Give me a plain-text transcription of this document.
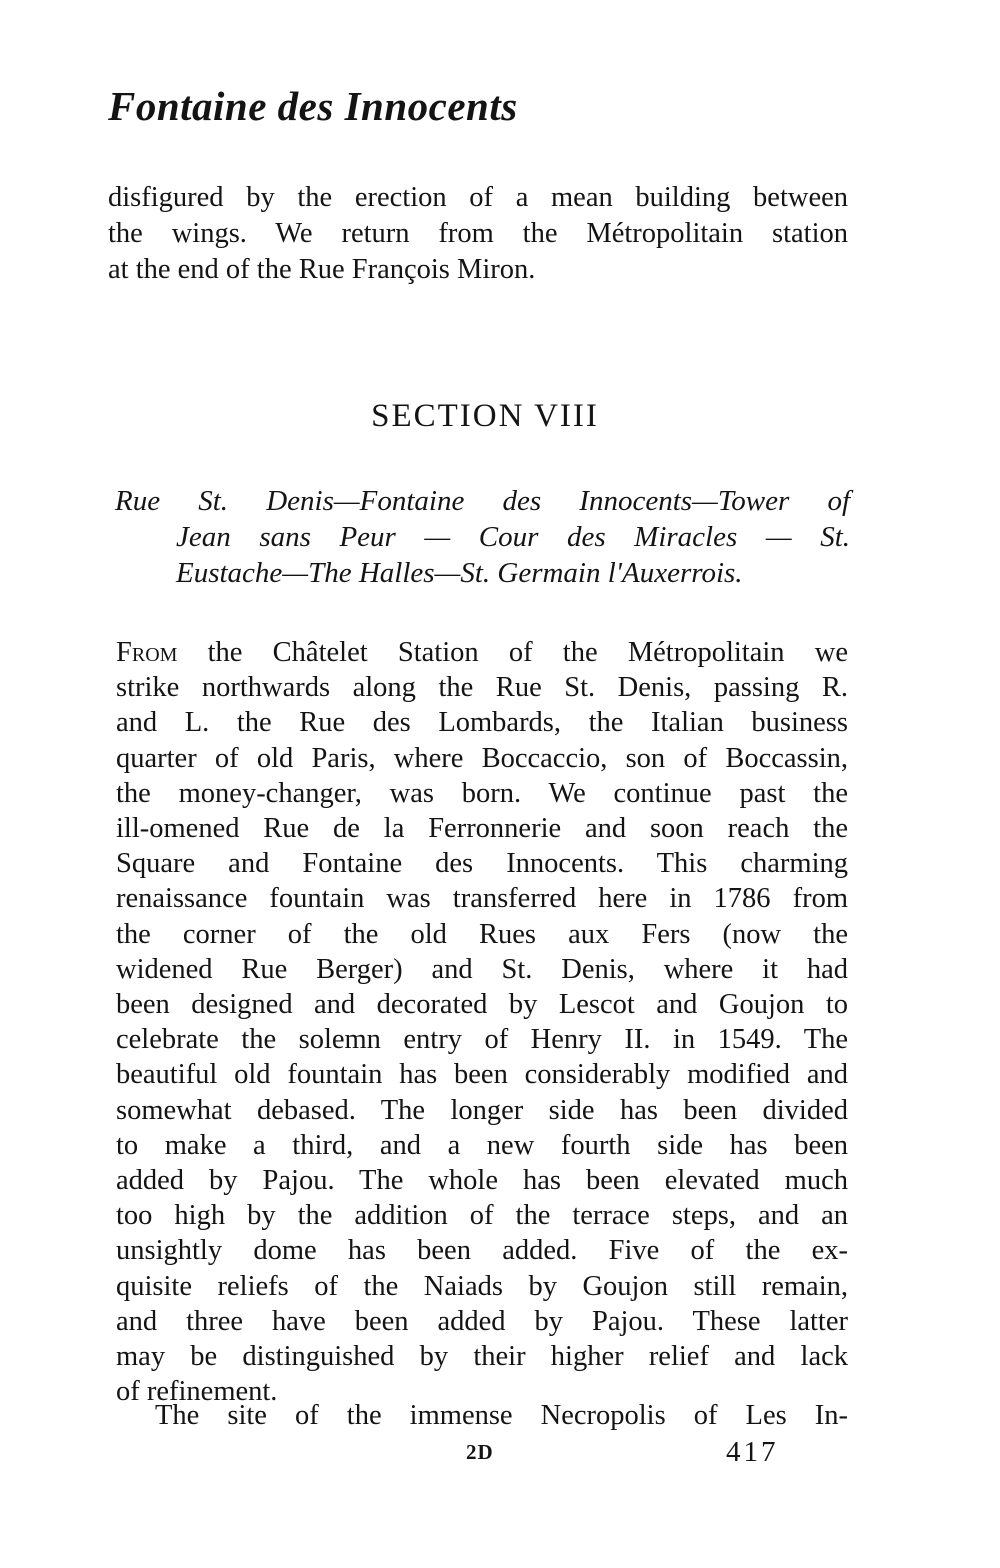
Fontaine des Innocents

disfigured by the erection of a mean building between
the wings. We return from the Métropolitain station
at the end of the Rue François Miron.

SECTION VIII

Rue St. Denis—Fontaine des Innocents—Tower of
Jean sans Peur — Cour des Miracles — St.
Eustache—The Halles—St. Germain l'Auxerrois.

From the Châtelet Station of the Métropolitain we
strike northwards along the Rue St. Denis, passing R.
and L. the Rue des Lombards, the Italian business
quarter of old Paris, where Boccaccio, son of Boccassin,
the money-changer, was born. We continue past the
ill-omened Rue de la Ferronnerie and soon reach the
Square and Fontaine des Innocents. This charming
renaissance fountain was transferred here in 1786 from
the corner of the old Rues aux Fers (now the
widened Rue Berger) and St. Denis, where it had
been designed and decorated by Lescot and Goujon to
celebrate the solemn entry of Henry II. in 1549. The
beautiful old fountain has been considerably modified and
somewhat debased. The longer side has been divided
to make a third, and a new fourth side has been
added by Pajou. The whole has been elevated much
too high by the addition of the terrace steps, and an
unsightly dome has been added. Five of the ex-
quisite reliefs of the Naiads by Goujon still remain,
and three have been added by Pajou. These latter
may be distinguished by their higher relief and lack
of refinement.

The site of the immense Necropolis of Les In-

2D	417
